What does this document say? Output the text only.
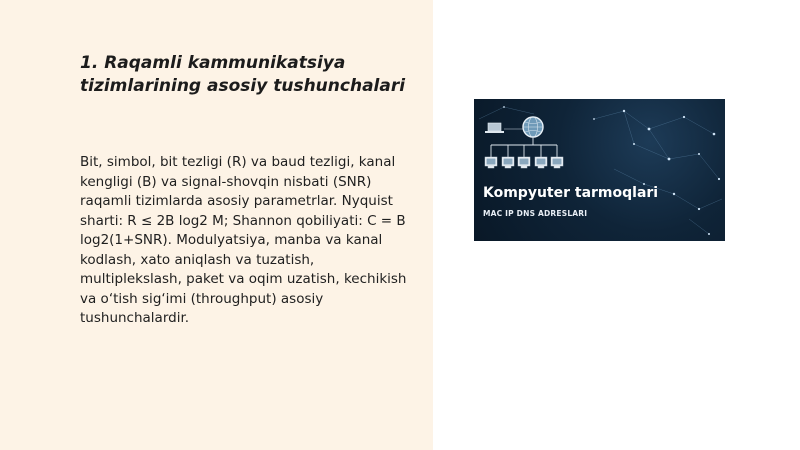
1. Raqamli kammunikatsiya tizimlarining asosiy tushunchalari

Bit, simbol, bit tezligi (R) va baud tezligi, kanal kengligi (B) va signal-shovqin nisbati (SNR) raqamli tizimlarda asosiy parametrlar. Nyquist sharti: R ≤ 2B log2 M; Shannon qobiliyati: C = B log2(1+SNR). Modulyatsiya, manba va kanal kodlash, xato aniqlash va tuzatish, multiplekslash, paket va oqim uzatish, kechikish va o‘tish sig‘imi (throughput) asosiy tushunchalardir.

Kompyuter tarmoqlari
MAC IP DNS ADRESLARI
